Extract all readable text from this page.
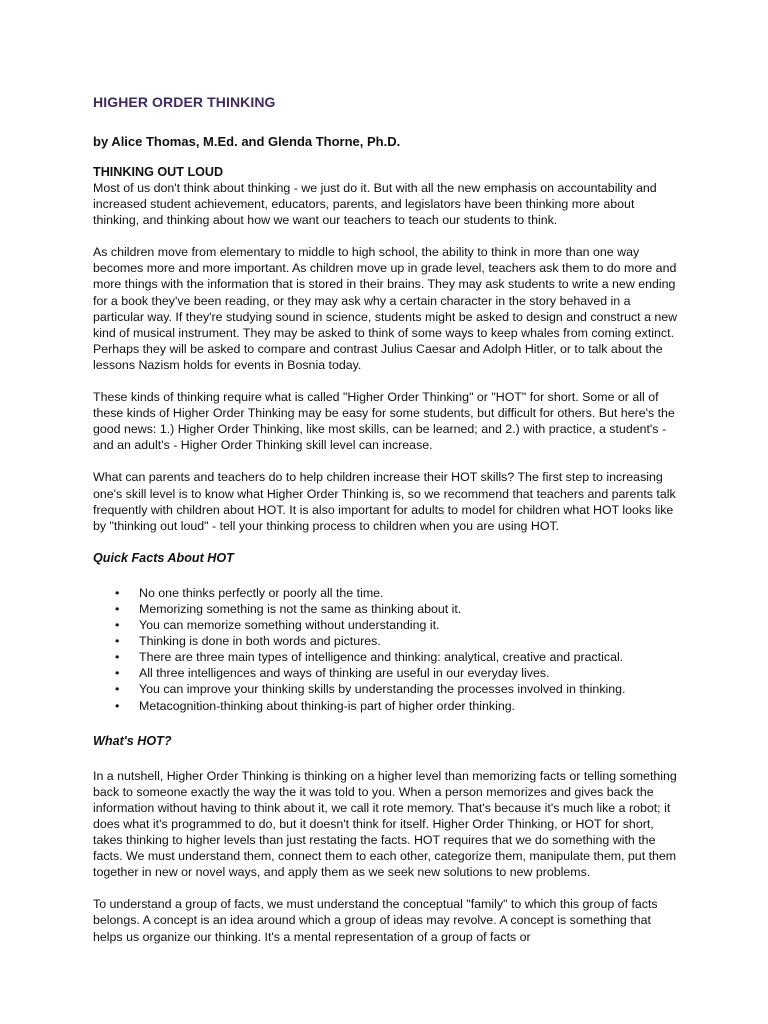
HIGHER ORDER THINKING
by Alice Thomas, M.Ed. and Glenda Thorne, Ph.D.
THINKING OUT LOUD

Most of us don't think about thinking - we just do it. But with all the new emphasis on accountability and increased student achievement, educators, parents, and legislators have been thinking more about thinking, and thinking about how we want our teachers to teach our students to think.

As children move from elementary to middle to high school, the ability to think in more than one way becomes more and more important. As children move up in grade level, teachers ask them to do more and more things with the information that is stored in their brains. They may ask students to write a new ending for a book they've been reading, or they may ask why a certain character in the story behaved in a particular way. If they're studying sound in science, students might be asked to design and construct a new kind of musical instrument. They may be asked to think of some ways to keep whales from coming extinct. Perhaps they will be asked to compare and contrast Julius Caesar and Adolph Hitler, or to talk about the lessons Nazism holds for events in Bosnia today.

These kinds of thinking require what is called "Higher Order Thinking" or "HOT" for short. Some or all of these kinds of Higher Order Thinking may be easy for some students, but difficult for others. But here's the good news: 1.) Higher Order Thinking, like most skills, can be learned; and 2.) with practice, a student's - and an adult's - Higher Order Thinking skill level can increase.

What can parents and teachers do to help children increase their HOT skills? The first step to increasing one's skill level is to know what Higher Order Thinking is, so we recommend that teachers and parents talk frequently with children about HOT. It is also important for adults to model for children what HOT looks like by "thinking out loud" - tell your thinking process to children when you are using HOT.

Quick Facts About HOT
• No one thinks perfectly or poorly all the time.
• Memorizing something is not the same as thinking about it.
• You can memorize something without understanding it.
• Thinking is done in both words and pictures.
• There are three main types of intelligence and thinking: analytical, creative and practical.
• All three intelligences and ways of thinking are useful in our everyday lives.
• You can improve your thinking skills by understanding the processes involved in thinking.
• Metacognition-thinking about thinking-is part of higher order thinking.
What's HOT?

In a nutshell, Higher Order Thinking is thinking on a higher level than memorizing facts or telling something back to someone exactly the way the it was told to you. When a person memorizes and gives back the information without having to think about it, we call it rote memory. That's because it's much like a robot; it does what it's programmed to do, but it doesn't think for itself. Higher Order Thinking, or HOT for short, takes thinking to higher levels than just restating the facts. HOT requires that we do something with the facts. We must understand them, connect them to each other, categorize them, manipulate them, put them together in new or novel ways, and apply them as we seek new solutions to new problems.

To understand a group of facts, we must understand the conceptual "family" to which this group of facts belongs. A concept is an idea around which a group of ideas may revolve. A concept is something that helps us organize our thinking. It's a mental representation of a group of facts or
